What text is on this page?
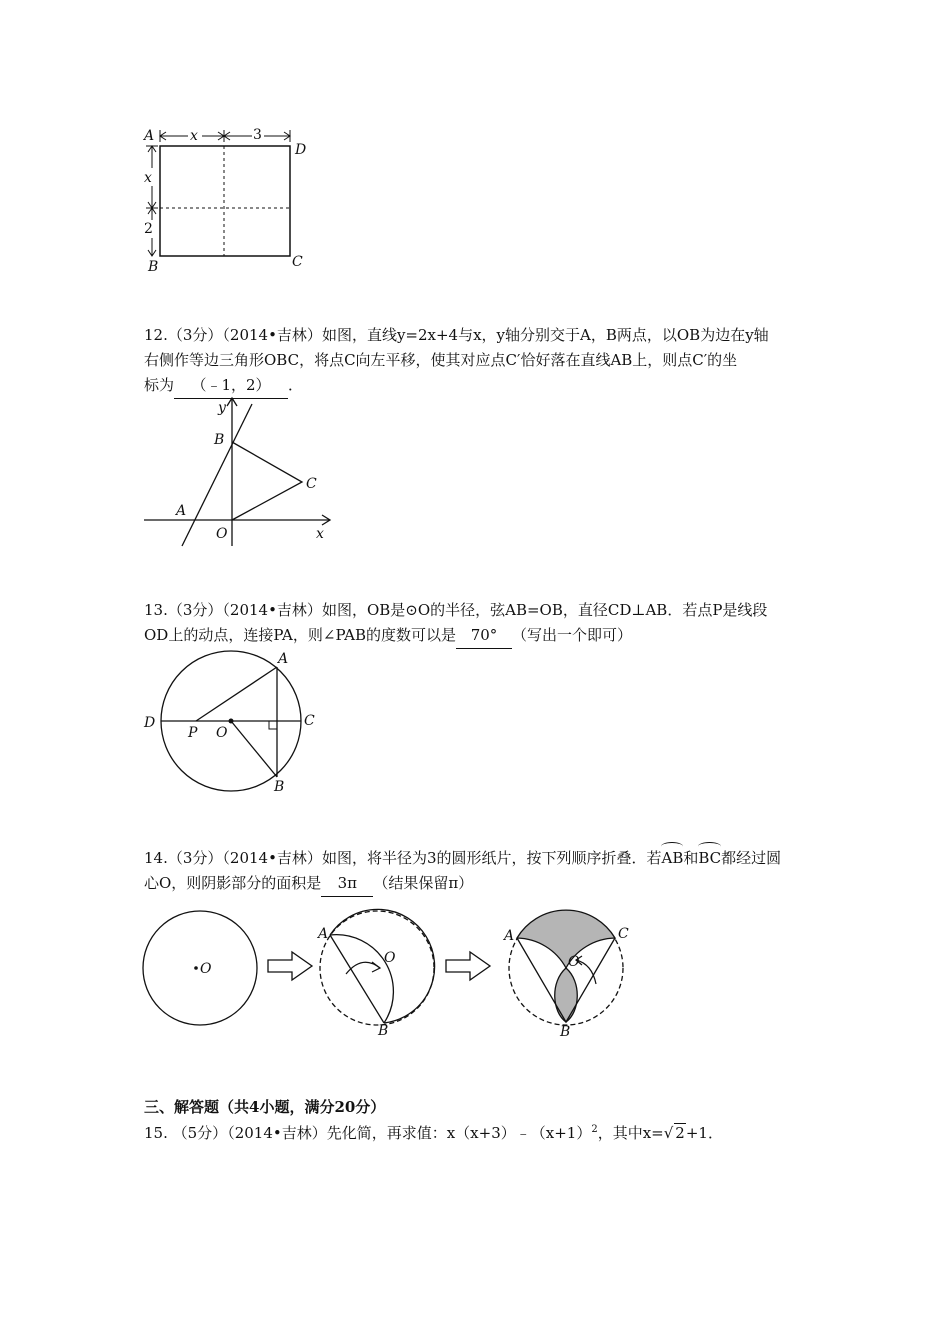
A	x	3
D
x
2
B	C
12.（3分）（2014•吉林）如图，直线y=2x+4与x，y轴分别交于A，B两点，以OB为边在y轴
右侧作等边三角形OBC，将点C向左平移，使其对应点C′恰好落在直线AB上，则点C′的坐
标为 （﹣1，2） ．
y
B
C
A
O	x
13.（3分）（2014•吉林）如图，OB是⊙O的半径，弦AB=OB，直径CD⊥AB．若点P是线段
OD上的动点，连接PA，则∠PAB的度数可以是 70° （写出一个即可）
A
C
D
P O
B
14.（3分）（2014•吉林）如图，将半径为3的圆形纸片，按下列顺序折叠．若AB和BC都经过圆
心O，则阴影部分的面积是 3π （结果保留π）
O
A
O
B
A	C
O
B
三、解答题（共4小题，满分20分）
15. （5分）（2014•吉林）先化简，再求值：$x(x+3)﹣(x+1)^2$，其中x=√ 2+1．
